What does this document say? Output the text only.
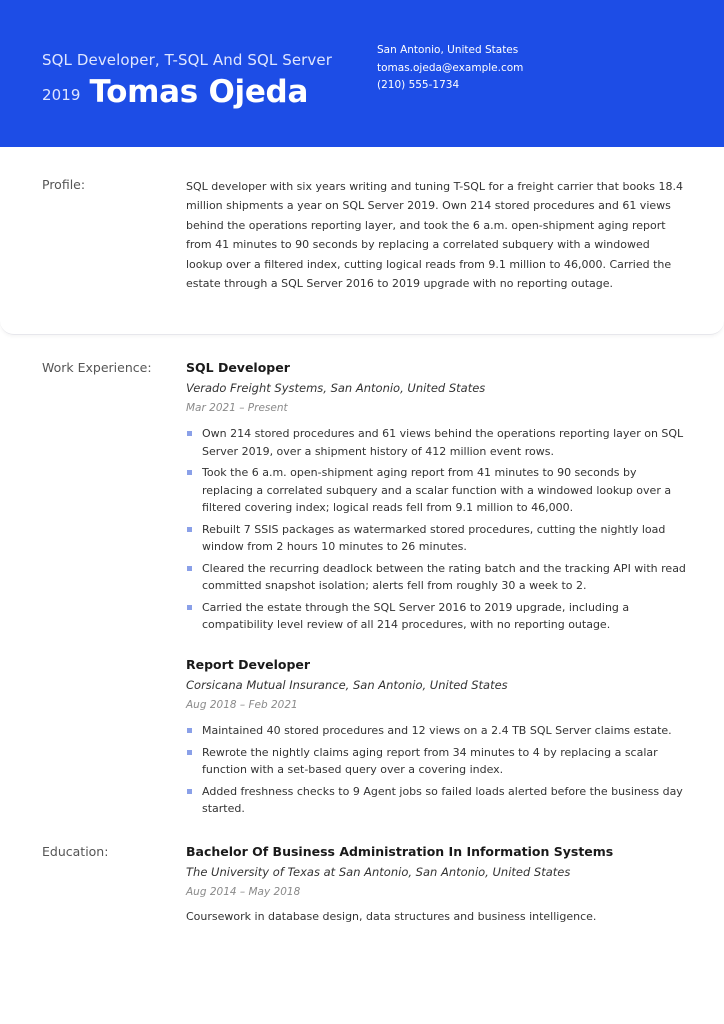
SQL Developer, T-SQL And SQL Server
2019 Tomas Ojeda
San Antonio, United States
tomas.ojeda@example.com
(210) 555-1734
Profile:	SQL developer with six years writing and tuning T-SQL for a freight carrier that books 18.4 million shipments a year on SQL Server 2019. Own 214 stored procedures and 61 views behind the operations reporting layer, and took the 6 a.m. open-shipment aging report from 41 minutes to 90 seconds by replacing a correlated subquery with a windowed lookup over a filtered index, cutting logical reads from 9.1 million to 46,000. Carried the estate through a SQL Server 2016 to 2019 upgrade with no reporting outage.
Work Experience:	SQL Developer
Verado Freight Systems, San Antonio, United States
Mar 2021 – Present
Own 214 stored procedures and 61 views behind the operations reporting layer on SQL Server 2019, over a shipment history of 412 million event rows.
Took the 6 a.m. open-shipment aging report from 41 minutes to 90 seconds by replacing a correlated subquery and a scalar function with a windowed lookup over a filtered covering index; logical reads fell from 9.1 million to 46,000.
Rebuilt 7 SSIS packages as watermarked stored procedures, cutting the nightly load window from 2 hours 10 minutes to 26 minutes.
Cleared the recurring deadlock between the rating batch and the tracking API with read committed snapshot isolation; alerts fell from roughly 30 a week to 2.
Carried the estate through the SQL Server 2016 to 2019 upgrade, including a compatibility level review of all 214 procedures, with no reporting outage.
Report Developer
Corsicana Mutual Insurance, San Antonio, United States
Aug 2018 – Feb 2021
Maintained 40 stored procedures and 12 views on a 2.4 TB SQL Server claims estate.
Rewrote the nightly claims aging report from 34 minutes to 4 by replacing a scalar function with a set-based query over a covering index.
Added freshness checks to 9 Agent jobs so failed loads alerted before the business day started.
Education:	Bachelor Of Business Administration In Information Systems
The University of Texas at San Antonio, San Antonio, United States
Aug 2014 – May 2018
Coursework in database design, data structures and business intelligence.
